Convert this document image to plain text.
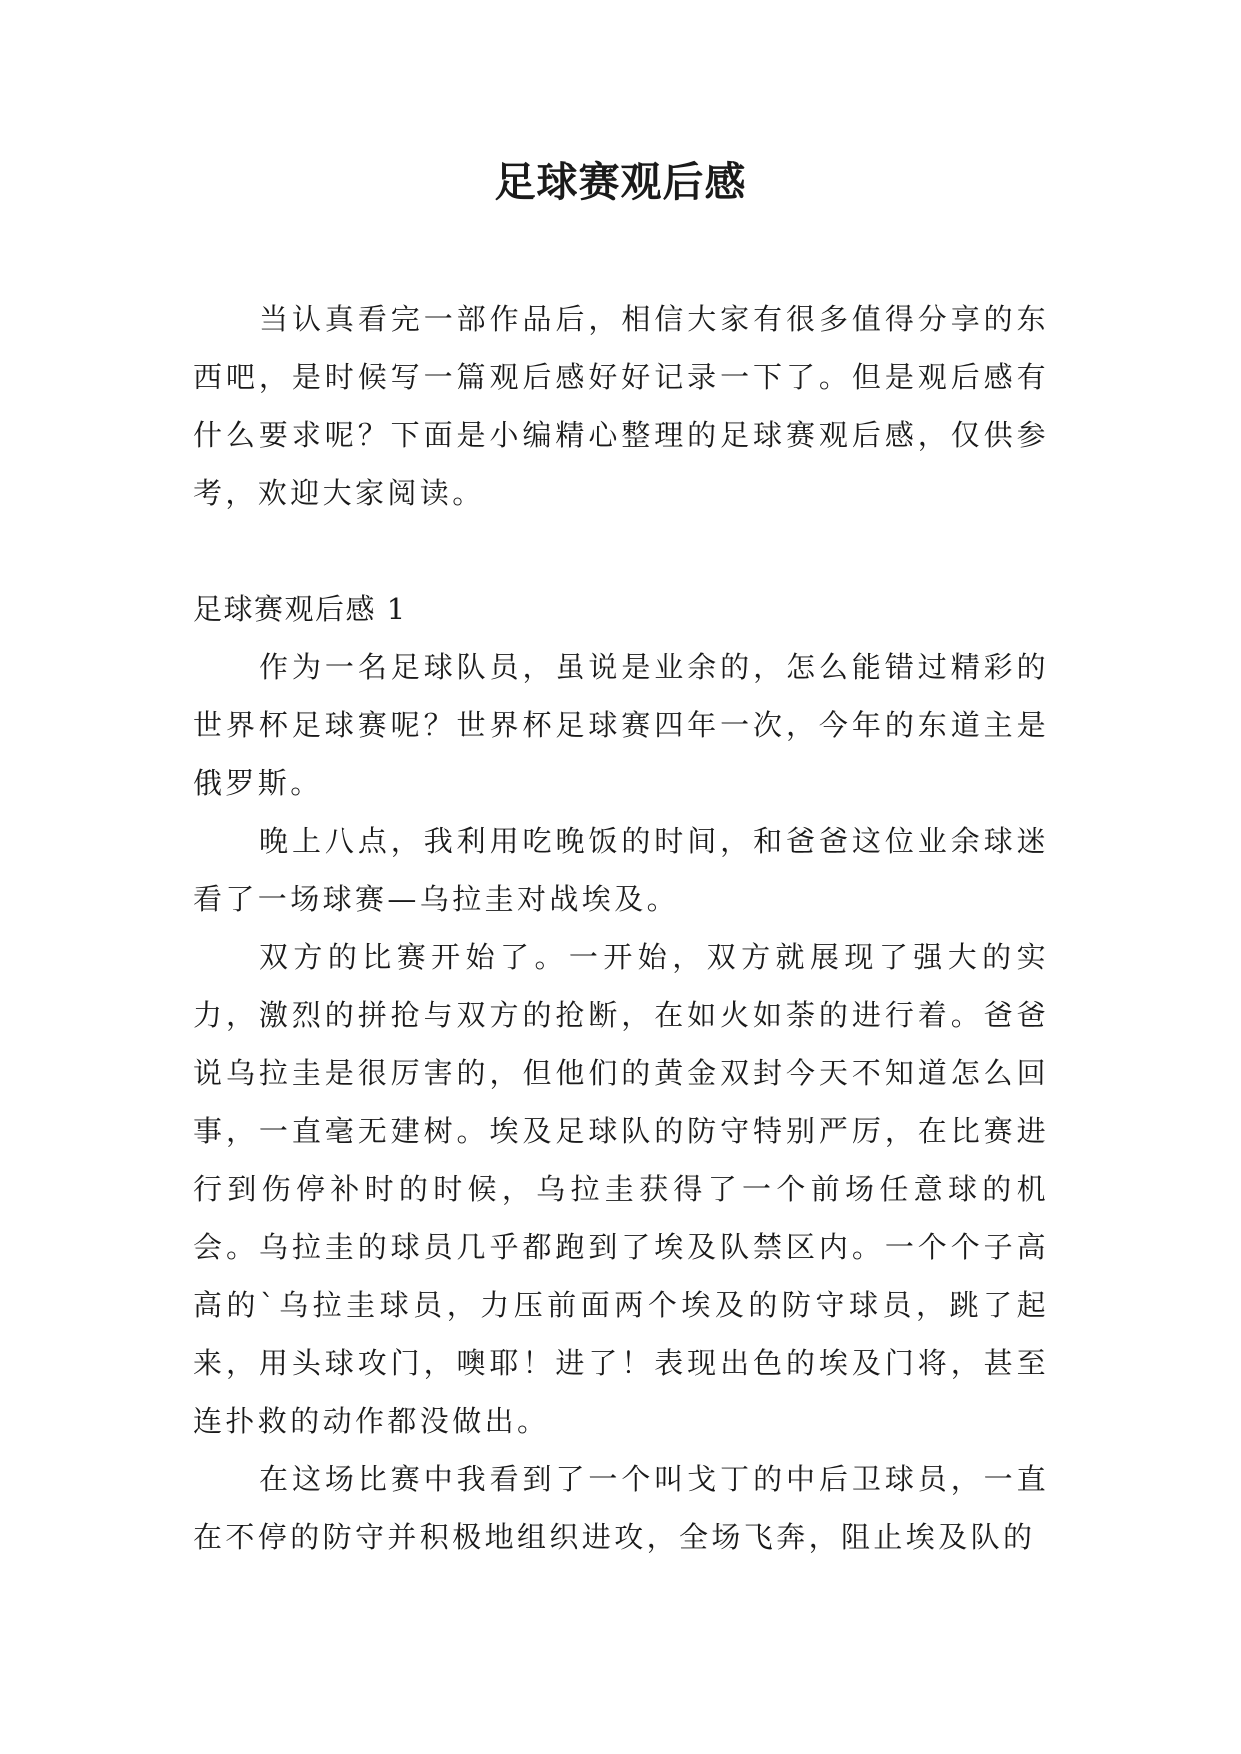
足球赛观后感

当认真看完一部作品后，相信大家有很多值得分享的东西吧，是时候写一篇观后感好好记录一下了。但是观后感有什么要求呢？下面是小编精心整理的足球赛观后感，仅供参考，欢迎大家阅读。

足球赛观后感 1

作为一名足球队员，虽说是业余的，怎么能错过精彩的世界杯足球赛呢？世界杯足球赛四年一次，今年的东道主是俄罗斯。

晚上八点，我利用吃晚饭的时间，和爸爸这位业余球迷看了一场球赛—乌拉圭对战埃及。

双方的比赛开始了。一开始，双方就展现了强大的实力，激烈的拼抢与双方的抢断，在如火如荼的进行着。爸爸说乌拉圭是很厉害的，但他们的黄金双封今天不知道怎么回事，一直毫无建树。埃及足球队的防守特别严厉，在比赛进行到伤停补时的时候，乌拉圭获得了一个前场任意球的机会。乌拉圭的球员几乎都跑到了埃及队禁区内。一个个子高高的`乌拉圭球员，力压前面两个埃及的防守球员，跳了起来，用头球攻门，噢耶！进了！表现出色的埃及门将，甚至连扑救的动作都没做出。

在这场比赛中我看到了一个叫戈丁的中后卫球员，一直在不停的防守并积极地组织进攻，全场飞奔，阻止埃及队的
